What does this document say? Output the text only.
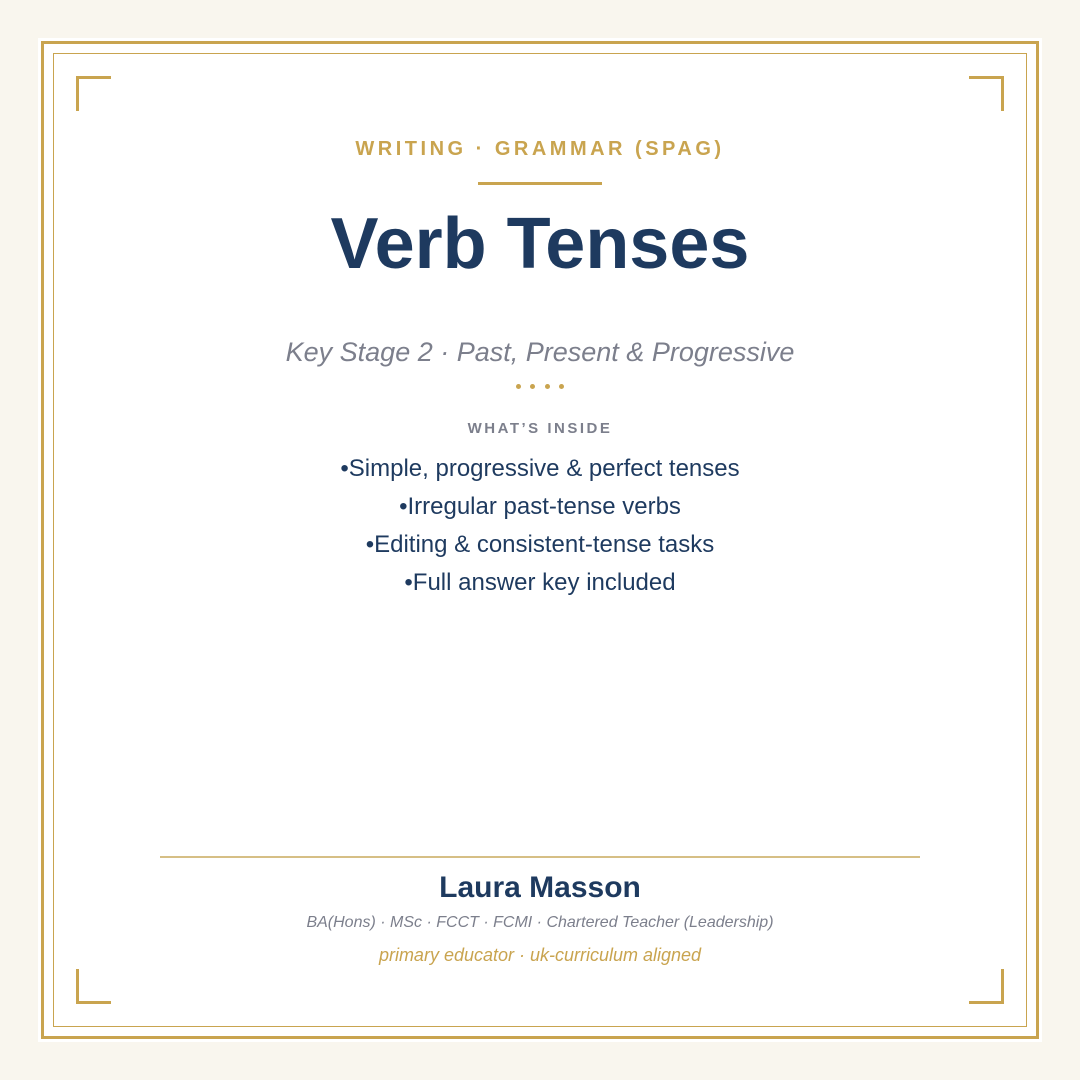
WRITING · GRAMMAR (SPAG)
Verb Tenses
Key Stage 2 · Past, Present & Progressive
WHAT’S INSIDE
• Simple, progressive & perfect tenses
• Irregular past-tense verbs
• Editing & consistent-tense tasks
• Full answer key included
Laura Masson
BA(Hons) · MSc · FCCT · FCMI · Chartered Teacher (Leadership)
primary educator · uk-curriculum aligned
